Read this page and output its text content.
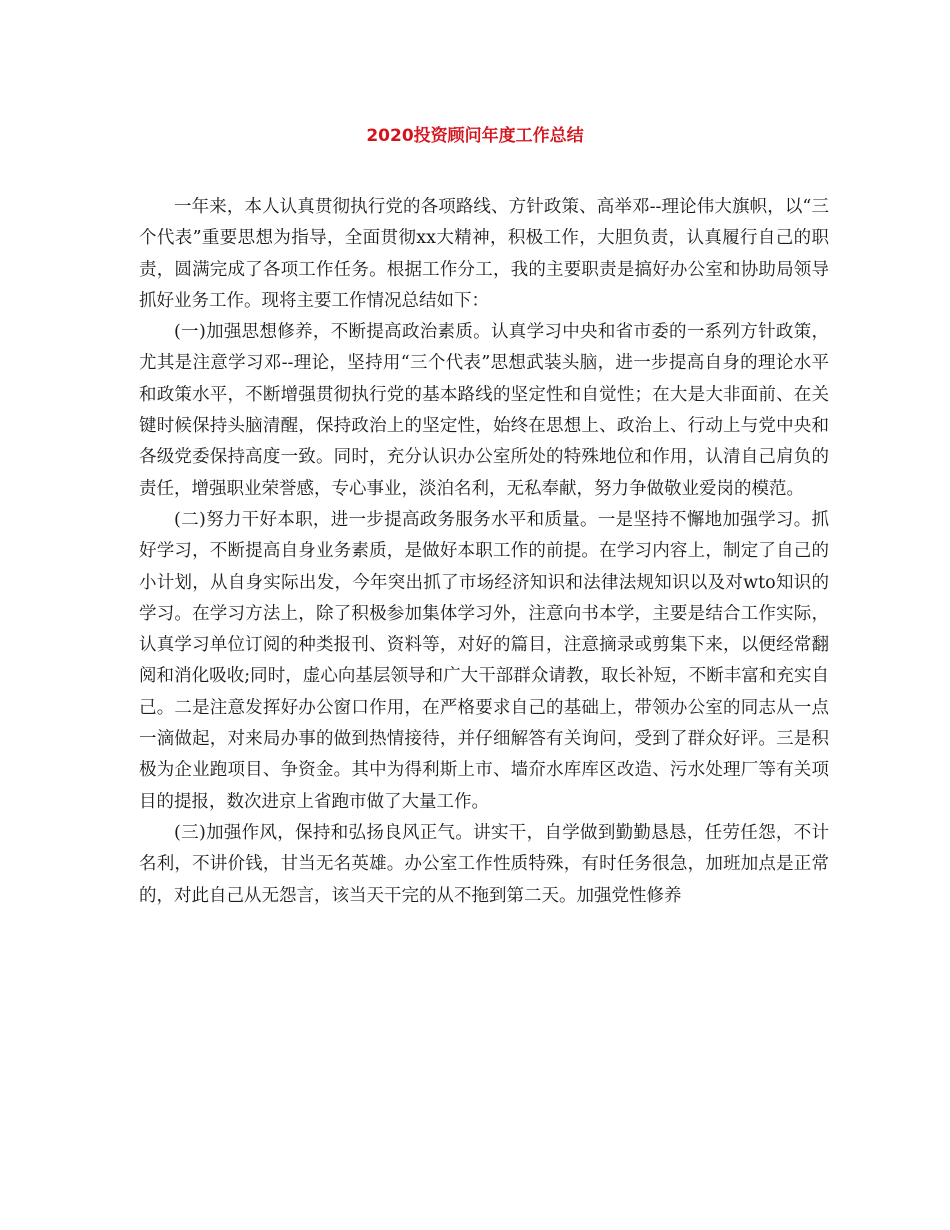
2020投资顾问年度工作总结

一年来，本人认真贯彻执行党的各项路线、方针政策、高举邓--理论伟大旗帜，以“三个代表”重要思想为指导，全面贯彻xx大精神，积极工作，大胆负责，认真履行自己的职责，圆满完成了各项工作任务。根据工作分工，我的主要职责是搞好办公室和协助局领导抓好业务工作。现将主要工作情况总结如下：

(一)加强思想修养，不断提高政治素质。认真学习中央和省市委的一系列方针政策，尤其是注意学习邓--理论，坚持用“三个代表”思想武装头脑，进一步提高自身的理论水平和政策水平，不断增强贯彻执行党的基本路线的坚定性和自觉性；在大是大非面前、在关键时候保持头脑清醒，保持政治上的坚定性，始终在思想上、政治上、行动上与党中央和各级党委保持高度一致。同时，充分认识办公室所处的特殊地位和作用，认清自己肩负的责任，增强职业荣誉感，专心事业，淡泊名利，无私奉献，努力争做敬业爱岗的模范。

(二)努力干好本职，进一步提高政务服务水平和质量。一是坚持不懈地加强学习。抓好学习，不断提高自身业务素质，是做好本职工作的前提。在学习内容上，制定了自己的小计划，从自身实际出发，今年突出抓了市场经济知识和法律法规知识以及对wto知识的学习。在学习方法上，除了积极参加集体学习外，注意向书本学，主要是结合工作实际，认真学习单位订阅的种类报刊、资料等，对好的篇目，注意摘录或剪集下来，以便经常翻阅和消化吸收;同时，虚心向基层领导和广大干部群众请教，取长补短，不断丰富和充实自己。二是注意发挥好办公窗口作用，在严格要求自己的基础上，带领办公室的同志从一点一滴做起，对来局办事的做到热情接待，并仔细解答有关询问，受到了群众好评。三是积极为企业跑项目、争资金。其中为得利斯上市、墙夼水库库区改造、污水处理厂等有关项目的提报，数次进京上省跑市做了大量工作。

(三)加强作风，保持和弘扬良风正气。讲实干，自学做到勤勤恳恳，任劳任怨，不计名利，不讲价钱，甘当无名英雄。办公室工作性质特殊，有时任务很急，加班加点是正常的，对此自己从无怨言，该当天干完的从不拖到第二天。加强党性修养
